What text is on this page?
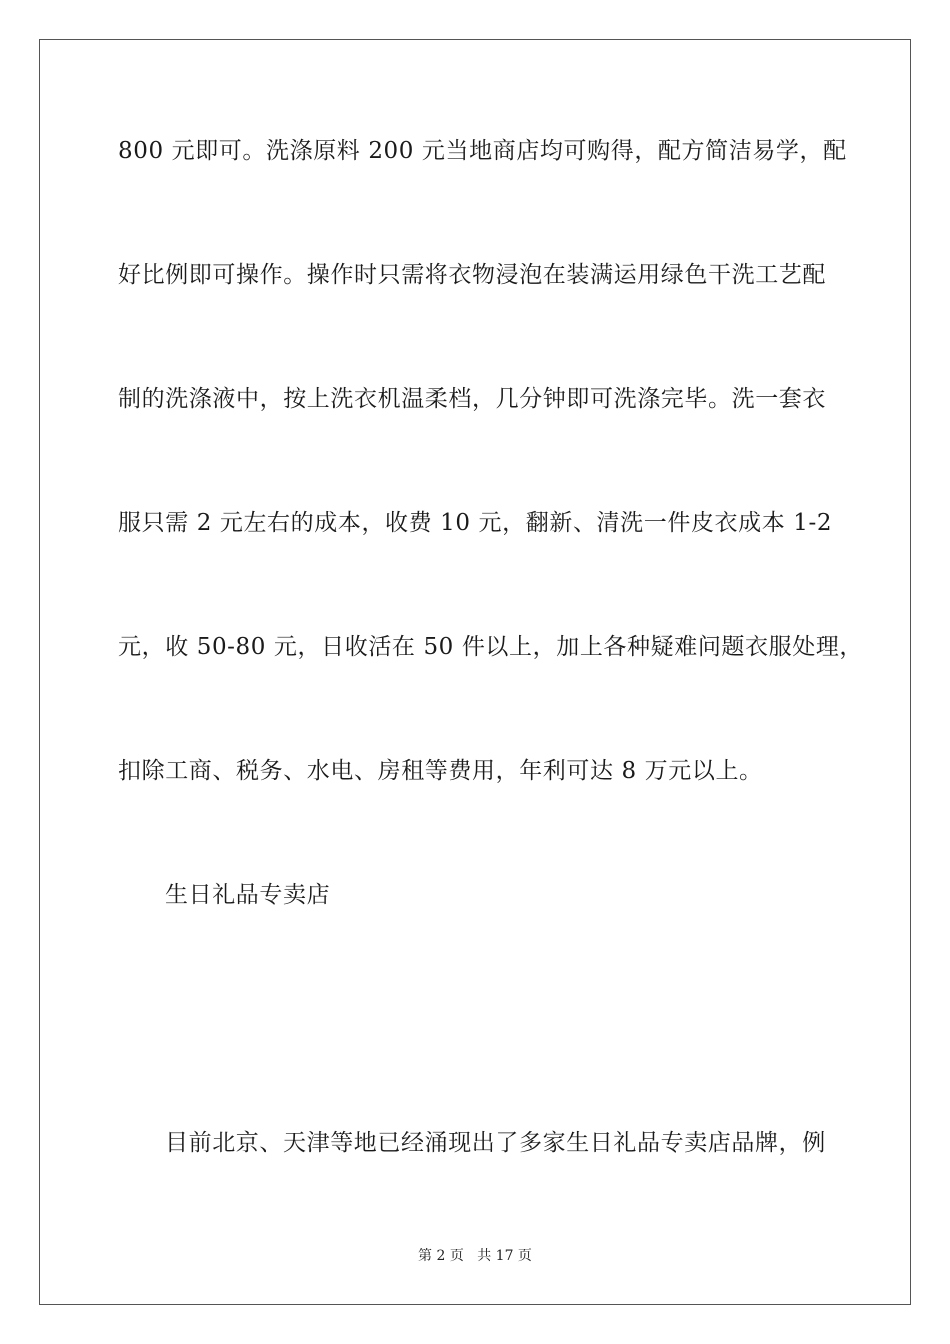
800 元即可。洗涤原料 200 元当地商店均可购得，配方简洁易学，配
好比例即可操作。操作时只需将衣物浸泡在装满运用绿色干洗工艺配
制的洗涤液中，按上洗衣机温柔档，几分钟即可洗涤完毕。洗一套衣
服只需 2 元左右的成本，收费 10 元，翻新、清洗一件皮衣成本 1-2
元，收 50-80 元，日收活在 50 件以上，加上各种疑难问题衣服处理，
扣除工商、税务、水电、房租等费用，年利可达 8 万元以上。
生日礼品专卖店
目前北京、天津等地已经涌现出了多家生日礼品专卖店品牌，例
第 2 页 共 17 页
